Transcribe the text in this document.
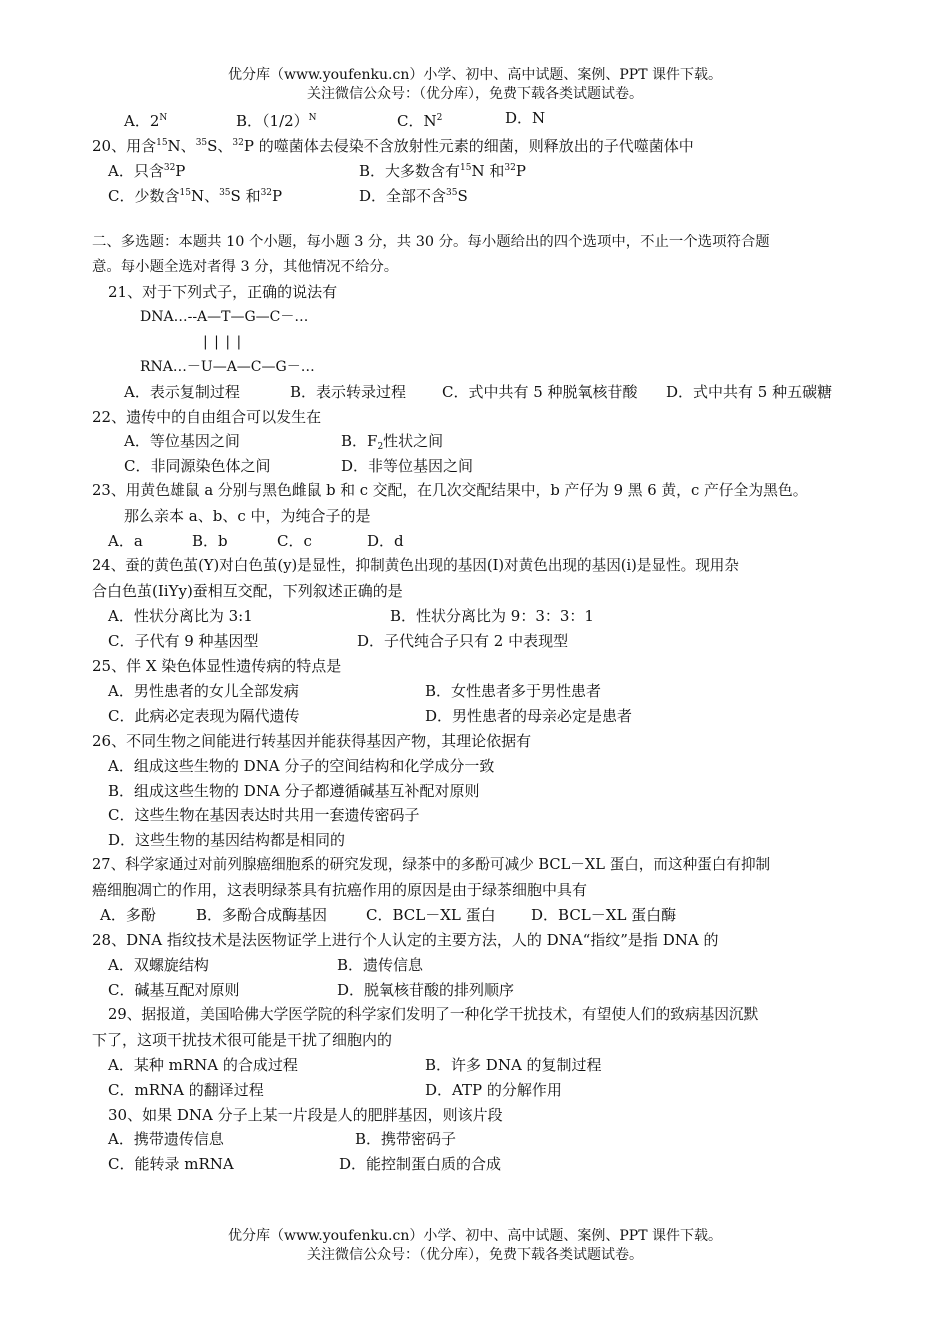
优分库（www.youfenku.cn）小学、初中、高中试题、案例、PPT 课件下载。
关注微信公众号：（优分库），免费下载各类试题试卷。
A．$2^N$	B．$(1/2)^N$	C．$N^2$	D．N
20、用含$^{15}$N、$^{35}$S、$^{32}$P 的噬菌体去侵染不含放射性元素的细菌，则释放出的子代噬菌体中
A．只含$^{32}$P	B．大多数含有$^{15}$N 和$^{32}$P
C．少数含$^{15}$N、$^{35}$S 和$^{32}$P	D．全部不含$^{35}$S
二、多选题：本题共 10 个小题，每小题 3 分，共 30 分。每小题给出的四个选项中，不止一个选项符合题
意。每小题全选对者得 3 分，其他情况不给分。
21、对于下列式子，正确的说法有
DNA…--A—T—G—C－…
| | | |
RNA…－U—A—C—G－…
A．表示复制过程	B．表示转录过程 C．式中共有 5 种脱氧核苷酸 D．式中共有 5 种五碳糖
22、遗传中的自由组合可以发生在
A．等位基因之间	B．$F_2$性状之间
C．非同源染色体之间	D．非等位基因之间
23、用黄色雄鼠 a 分别与黑色雌鼠 b 和 c 交配，在几次交配结果中，b 产仔为 9 黑 6 黄，c 产仔全为黑色。
那么亲本 a、b、c 中，为纯合子的是
A．a	B．b	C．c	D．d
24、蚕的黄色茧(Y)对白色茧(y)是显性，抑制黄色出现的基因(I)对黄色出现的基因(i)是显性。现用杂
合白色茧(IiYy)蚕相互交配，下列叙述正确的是
A．性状分离比为 3:1	B．性状分离比为 9：3：3：1
C．子代有 9 种基因型	D．子代纯合子只有 2 中表现型
25、伴 X 染色体显性遗传病的特点是
A．男性患者的女儿全部发病	B．女性患者多于男性患者
C．此病必定表现为隔代遗传	D．男性患者的母亲必定是患者
26、不同生物之间能进行转基因并能获得基因产物，其理论依据有
A．组成这些生物的 DNA 分子的空间结构和化学成分一致
B．组成这些生物的 DNA 分子都遵循碱基互补配对原则
C．这些生物在基因表达时共用一套遗传密码子
D．这些生物的基因结构都是相同的
27、科学家通过对前列腺癌细胞系的研究发现，绿茶中的多酚可减少 BCL－XL 蛋白，而这种蛋白有抑制
癌细胞凋亡的作用，这表明绿茶具有抗癌作用的原因是由于绿茶细胞中具有
A．多酚	B．多酚合成酶基因	C．BCL－XL 蛋白 D．BCL－XL 蛋白酶
28、DNA 指纹技术是法医物证学上进行个人认定的主要方法，人的 DNA“指纹”是指 DNA 的
A．双螺旋结构	B．遗传信息
C．碱基互配对原则	D．脱氧核苷酸的排列顺序
29、据报道，美国哈佛大学医学院的科学家们发明了一种化学干扰技术，有望使人们的致病基因沉默
下了，这项干扰技术很可能是干扰了细胞内的
A．某种 mRNA 的合成过程	B．许多 DNA 的复制过程
C．mRNA 的翻译过程	D．ATP 的分解作用
30、如果 DNA 分子上某一片段是人的肥胖基因，则该片段
A．携带遗传信息	B．携带密码子
C．能转录 mRNA	D．能控制蛋白质的合成
优分库（www.youfenku.cn）小学、初中、高中试题、案例、PPT 课件下载。
关注微信公众号：（优分库），免费下载各类试题试卷。
